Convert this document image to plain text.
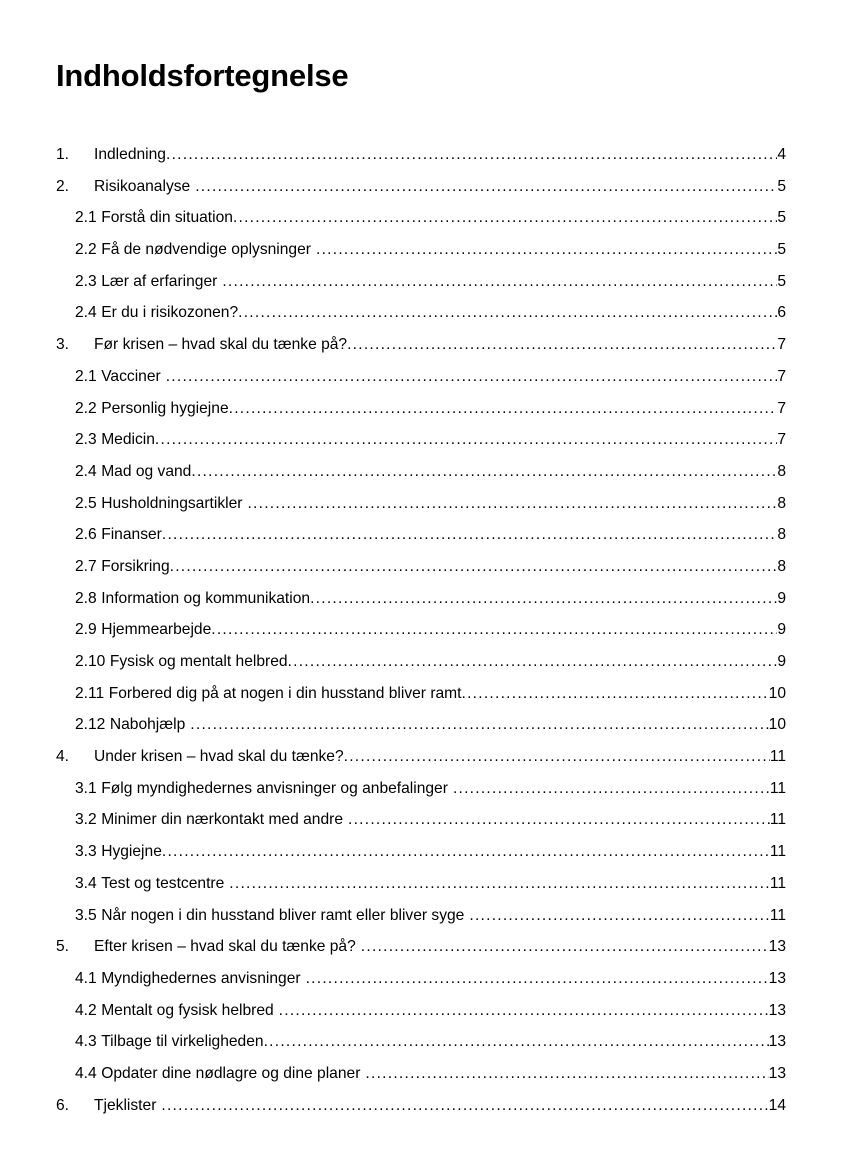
Indholdsfortegnelse
1.	Indledning .....	4
2.	Risikoanalyse .....	5
2.1 Forstå din situation .....	5
2.2 Få de nødvendige oplysninger .....	5
2.3 Lær af erfaringer .....	5
2.4 Er du i risikozonen? .....	6
3.	Før krisen – hvad skal du tænke på? .....	7
2.1 Vacciner .....	7
2.2 Personlig hygiejne .....	7
2.3 Medicin .....	7
2.4 Mad og vand .....	8
2.5 Husholdningsartikler .....	8
2.6 Finanser .....	8
2.7 Forsikring .....	8
2.8 Information og kommunikation .....	9
2.9 Hjemmearbejde .....	9
2.10 Fysisk og mentalt helbred .....	9
2.11 Forbered dig på at nogen i din husstand bliver ramt .....	10
2.12 Nabohjælp .....	10
4.	Under krisen – hvad skal du tænke? .....	11
3.1 Følg myndighedernes anvisninger og anbefalinger .....	11
3.2 Minimer din nærkontakt med andre .....	11
3.3 Hygiejne .....	11
3.4 Test og testcentre .....	11
3.5 Når nogen i din husstand bliver ramt eller bliver syge .....	11
5.	Efter krisen – hvad skal du tænke på? .....	13
4.1 Myndighedernes anvisninger .....	13
4.2 Mentalt og fysisk helbred .....	13
4.3 Tilbage til virkeligheden .....	13
4.4 Opdater dine nødlagre og dine planer .....	13
6.	Tjeklister .....	14
